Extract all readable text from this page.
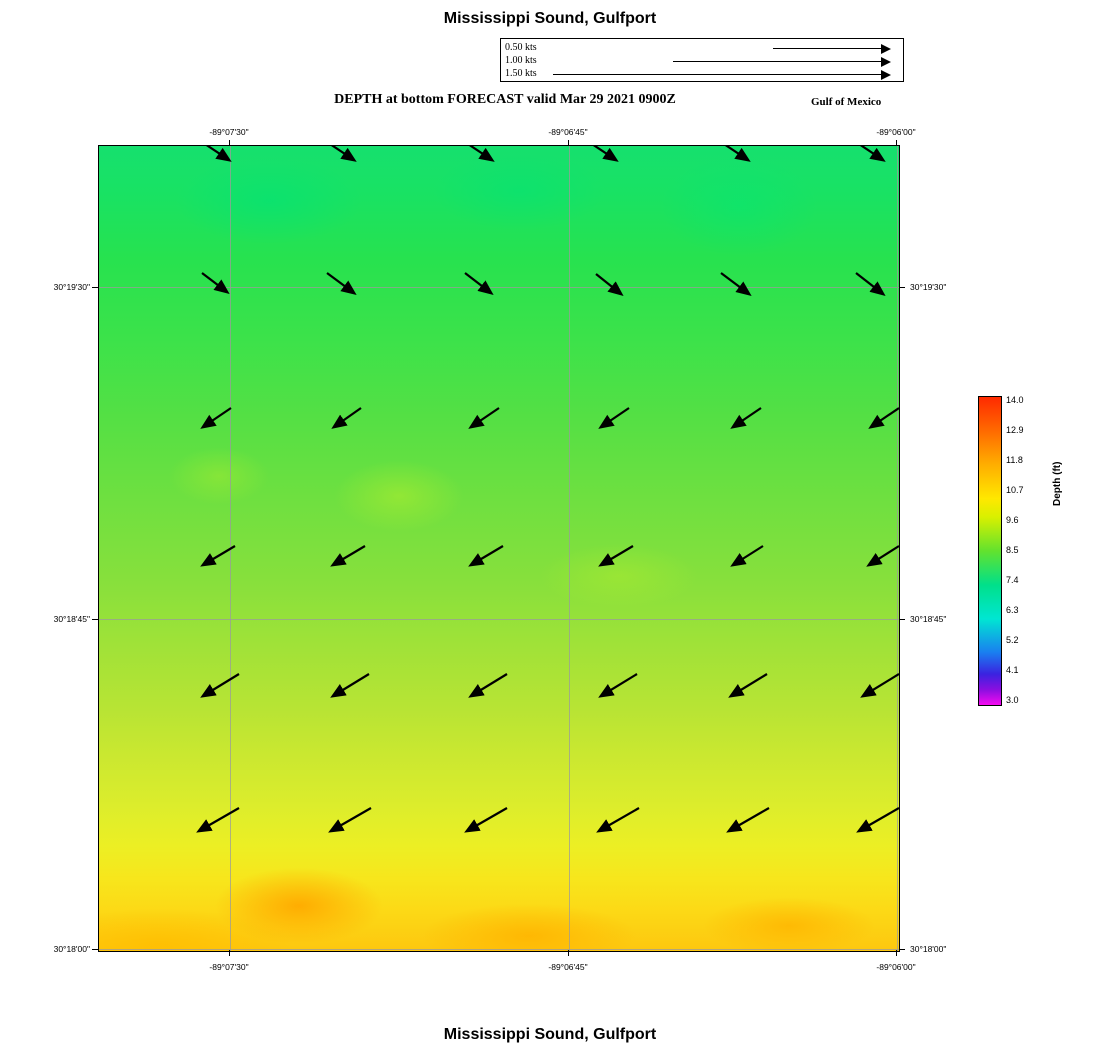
Mississippi Sound, Gulfport
DEPTH at bottom FORECAST valid Mar 29 2021 0900Z	Gulf of Mexico
Mississippi Sound, Gulfport
0.50 kts
1.00 kts
1.50 kts
-89°07'30"	-89°06'45"	-89°06'00"
-89°07'30"	-89°06'45"	-89°06'00"
30°19'30"
30°18'45"
30°18'00"
30°19'30"
30°18'45"
30°18'00"
14.0
12.9
11.8
10.7
9.6
8.5
7.4
6.3
5.2
4.1
3.0
Depth (ft)
